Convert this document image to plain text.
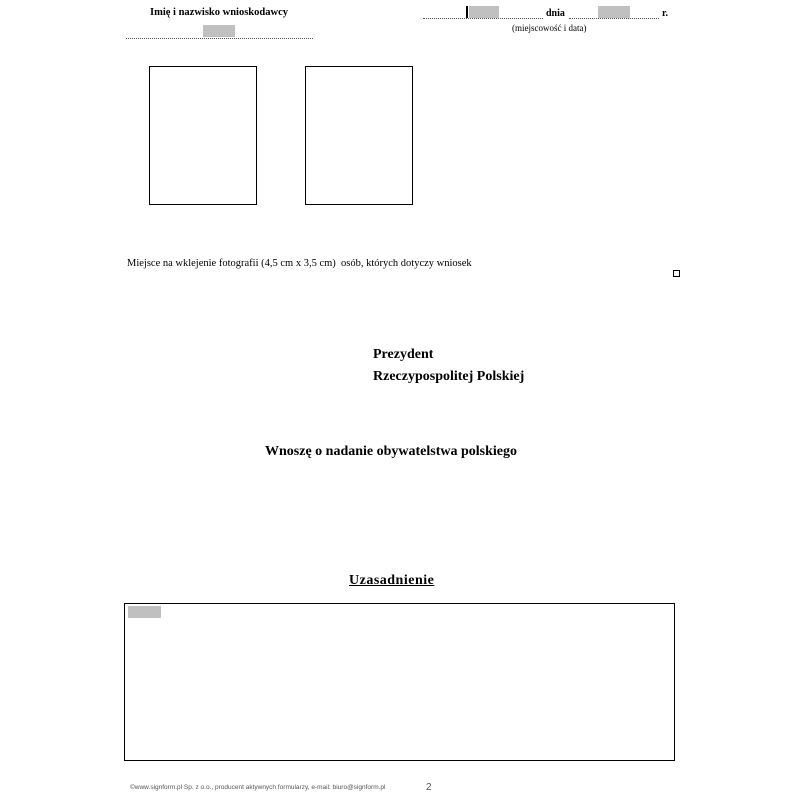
Imię i nazwisko wnioskodawcy	dnia	r.
(miejscowość i data)
Miejsce na wklejenie fotografii (4,5 cm x 3,5 cm)  osób, których dotyczy wniosek
Prezydent
Rzeczypospolitej Polskiej
Wnoszę o nadanie obywatelstwa polskiego
Uzasadnienie
©www.signform.pl Sp. z o.o., producent aktywnych formularzy, e-mail: biuro@signform.pl	2
